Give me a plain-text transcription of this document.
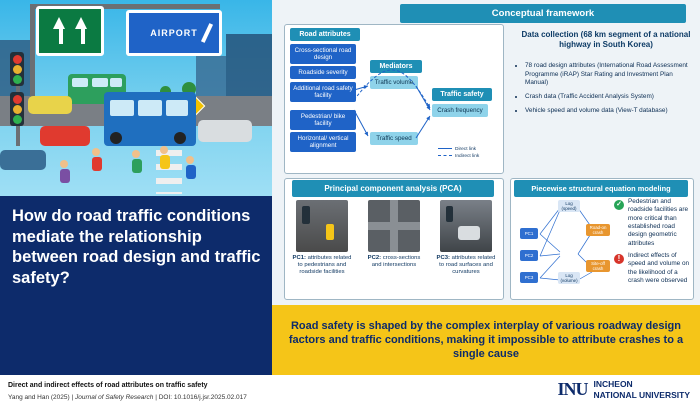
AIRPORT
How do road traffic conditions mediate the relationship between road design and traffic safety?
Conceptual framework
Road attributes
Cross-sectional road design
Roadside severity
Additional road safety facility
Pedestrian/ bike facility
Horizontal/ vertical alignment
Mediators
Traffic volume
Traffic speed
Traffic safety
Crash frequency
Direct link
Indirect link
Data collection (68 km segment of a national highway in South Korea)
• 78 road design attributes (International Road Assessment Programme (iRAP) Star Rating and Investment Plan Manual)
• Crash data (Traffic Accident Analysis System)
• Vehicle speed and volume data (View-T database)
Principal component analysis (PCA)
PC1: attributes related to pedestrians and roadside facilities
PC2: cross-sections and intersections
PC3: attributes related to road surfaces and curvatures
Piecewise structural equation modeling
Log (speed)
Log (volume)
PC1
PC2
PC3
Road-on crash
Site-off crash
✓ Pedestrian and roadside facilities are more critical than established road design geometric attributes
!	Indirect effects of speed and volume on the likelihood of a crash were observed

Road safety is shaped by the complex interplay of various roadway design factors and traffic conditions, making it impossible to attribute crashes to a single cause

Direct and indirect effects of road attributes on traffic safety
Yang and Han (2025) | Journal of Safety Research | DOI: 10.1016/j.jsr.2025.02.017	INU INCHEON
NATIONAL UNIVERSITY
